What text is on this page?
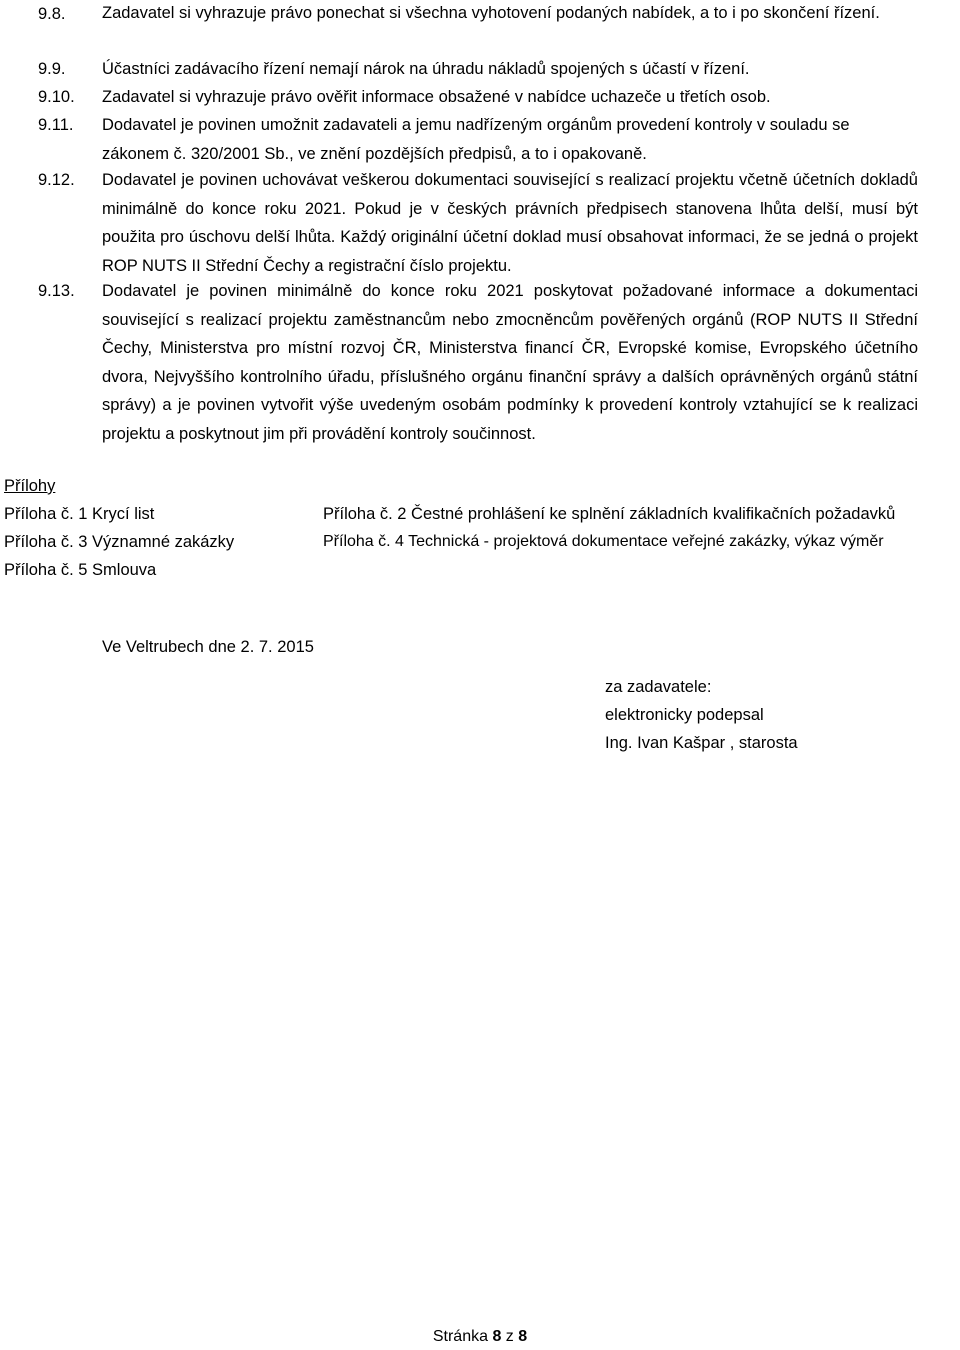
9.8. Zadavatel si vyhrazuje právo ponechat si všechna vyhotovení podaných nabídek, a to i po skončení řízení.
9.9. Účastníci zadávacího řízení nemají nárok na úhradu nákladů spojených s účastí v řízení.
9.10. Zadavatel si vyhrazuje právo ověřit informace obsažené v nabídce uchazeče u třetích osob.
9.11. Dodavatel je povinen umožnit zadavateli a jemu nadřízeným orgánům provedení kontroly v souladu se zákonem č. 320/2001 Sb., ve znění pozdějších předpisů, a to i opakovaně.
9.12. Dodavatel je povinen uchovávat veškerou dokumentaci související s realizací projektu včetně účetních dokladů minimálně do konce roku 2021. Pokud je v českých právních předpisech stanovena lhůta delší, musí být použita pro úschovu delší lhůta. Každý originální účetní doklad musí obsahovat informaci, že se jedná o projekt ROP NUTS II Střední Čechy a registrační číslo projektu.
9.13. Dodavatel je povinen minimálně do konce roku 2021 poskytovat požadované informace a dokumentaci související s realizací projektu zaměstnancům nebo zmocněncům pověřených orgánů (ROP NUTS II Střední Čechy, Ministerstva pro místní rozvoj ČR, Ministerstva financí ČR, Evropské komise, Evropského účetního dvora, Nejvyššího kontrolního úřadu, příslušného orgánu finanční správy a dalších oprávněných orgánů státní správy) a je povinen vytvořit výše uvedeným osobám podmínky k provedení kontroly vztahující se k realizaci projektu a poskytnout jim při provádění kontroly součinnost.
Přílohy
Příloha č. 1 Krycí list	Příloha č. 2 Čestné prohlášení ke splnění základních kvalifikačních požadavků
Příloha č. 3 Významné zakázky	Příloha č. 4 Technická - projektová dokumentace veřejné zakázky, výkaz výměr
Příloha č. 5 Smlouva
Ve Veltrubech dne 2. 7. 2015
za zadavatele:
elektronicky podepsal
Ing. Ivan Kašpar , starosta
Stránka 8 z 8
